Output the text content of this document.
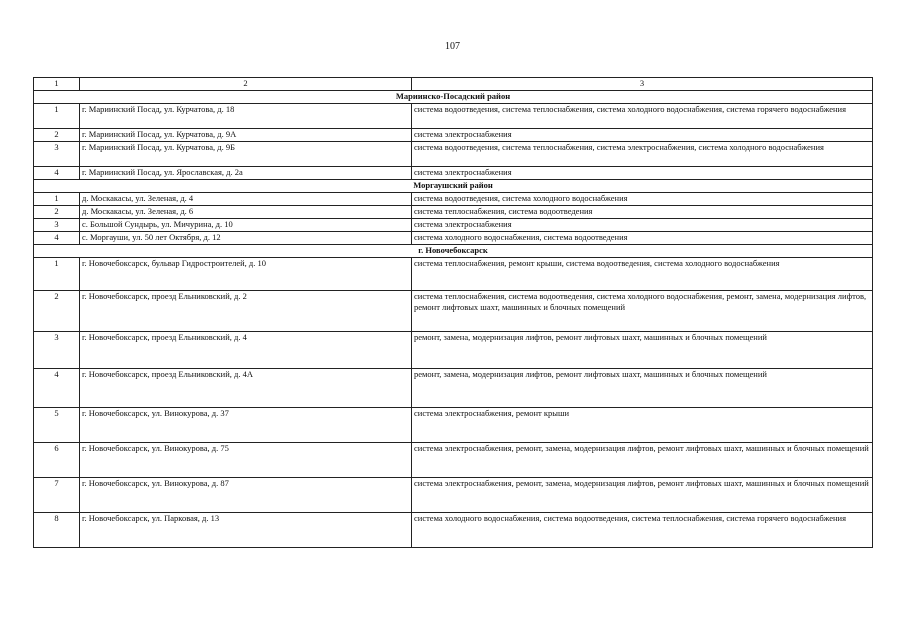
107
1	2	3
Мариинско-Посадский район		
1	г. Мариинский Посад, ул. Курчатова, д. 18	система водоотведения, система теплоснабжения, система холодного водоснабжения, система горячего водоснабжения
2	г. Мариинский Посад, ул. Курчатова, д. 9А	система электроснабжения
3	г. Мариинский Посад, ул. Курчатова, д. 9Б	система водоотведения, система теплоснабжения, система электроснабжения, система холодного водоснабжения
4	г. Мариинский Посад, ул. Ярославская, д. 2а	система электроснабжения
Моргаушский район		
1	д. Москакасы, ул. Зеленая, д. 4	система водоотведения, система холодного водоснабжения
2	д. Москакасы, ул. Зеленая, д. 6	система теплоснабжения, система водоотведения
3	с. Большой Сундырь, ул. Мичурина, д. 10	система электроснабжения
4	с. Моргауши, ул. 50 лет Октября, д. 12	система холодного водоснабжения, система водоотведения
г. Новочебоксарск		
1	г. Новочебоксарск, бульвар Гидростроителей, д. 10	система теплоснабжения, ремонт крыши, система водоотведения, система холодного водоснабжения
2	г. Новочебоксарск, проезд Ельниковский, д. 2	система теплоснабжения, система водоотведения, система холодного водоснабжения, ремонт, замена, модернизация лифтов, ремонт лифтовых шахт, машинных и блочных помещений
3	г. Новочебоксарск, проезд Ельниковский, д. 4	ремонт, замена, модернизация лифтов, ремонт лифтовых шахт, машинных и блочных помещений
4	г. Новочебоксарск, проезд Ельниковский, д. 4А	ремонт, замена, модернизация лифтов, ремонт лифтовых шахт, машинных и блочных помещений
5	г. Новочебоксарск, ул. Винокурова, д. 37	система электроснабжения, ремонт крыши
6	г. Новочебоксарск, ул. Винокурова, д. 75	система электроснабжения, ремонт, замена, модернизация лифтов, ремонт лифтовых шахт, машинных и блочных помещений
7	г. Новочебоксарск, ул. Винокурова, д. 87	система электроснабжения, ремонт, замена, модернизация лифтов, ремонт лифтовых шахт, машинных и блочных помещений
8	г. Новочебоксарск, ул. Парковая, д. 13	система холодного водоснабжения, система водоотведения, система теплоснабжения, система горячего водоснабжения
